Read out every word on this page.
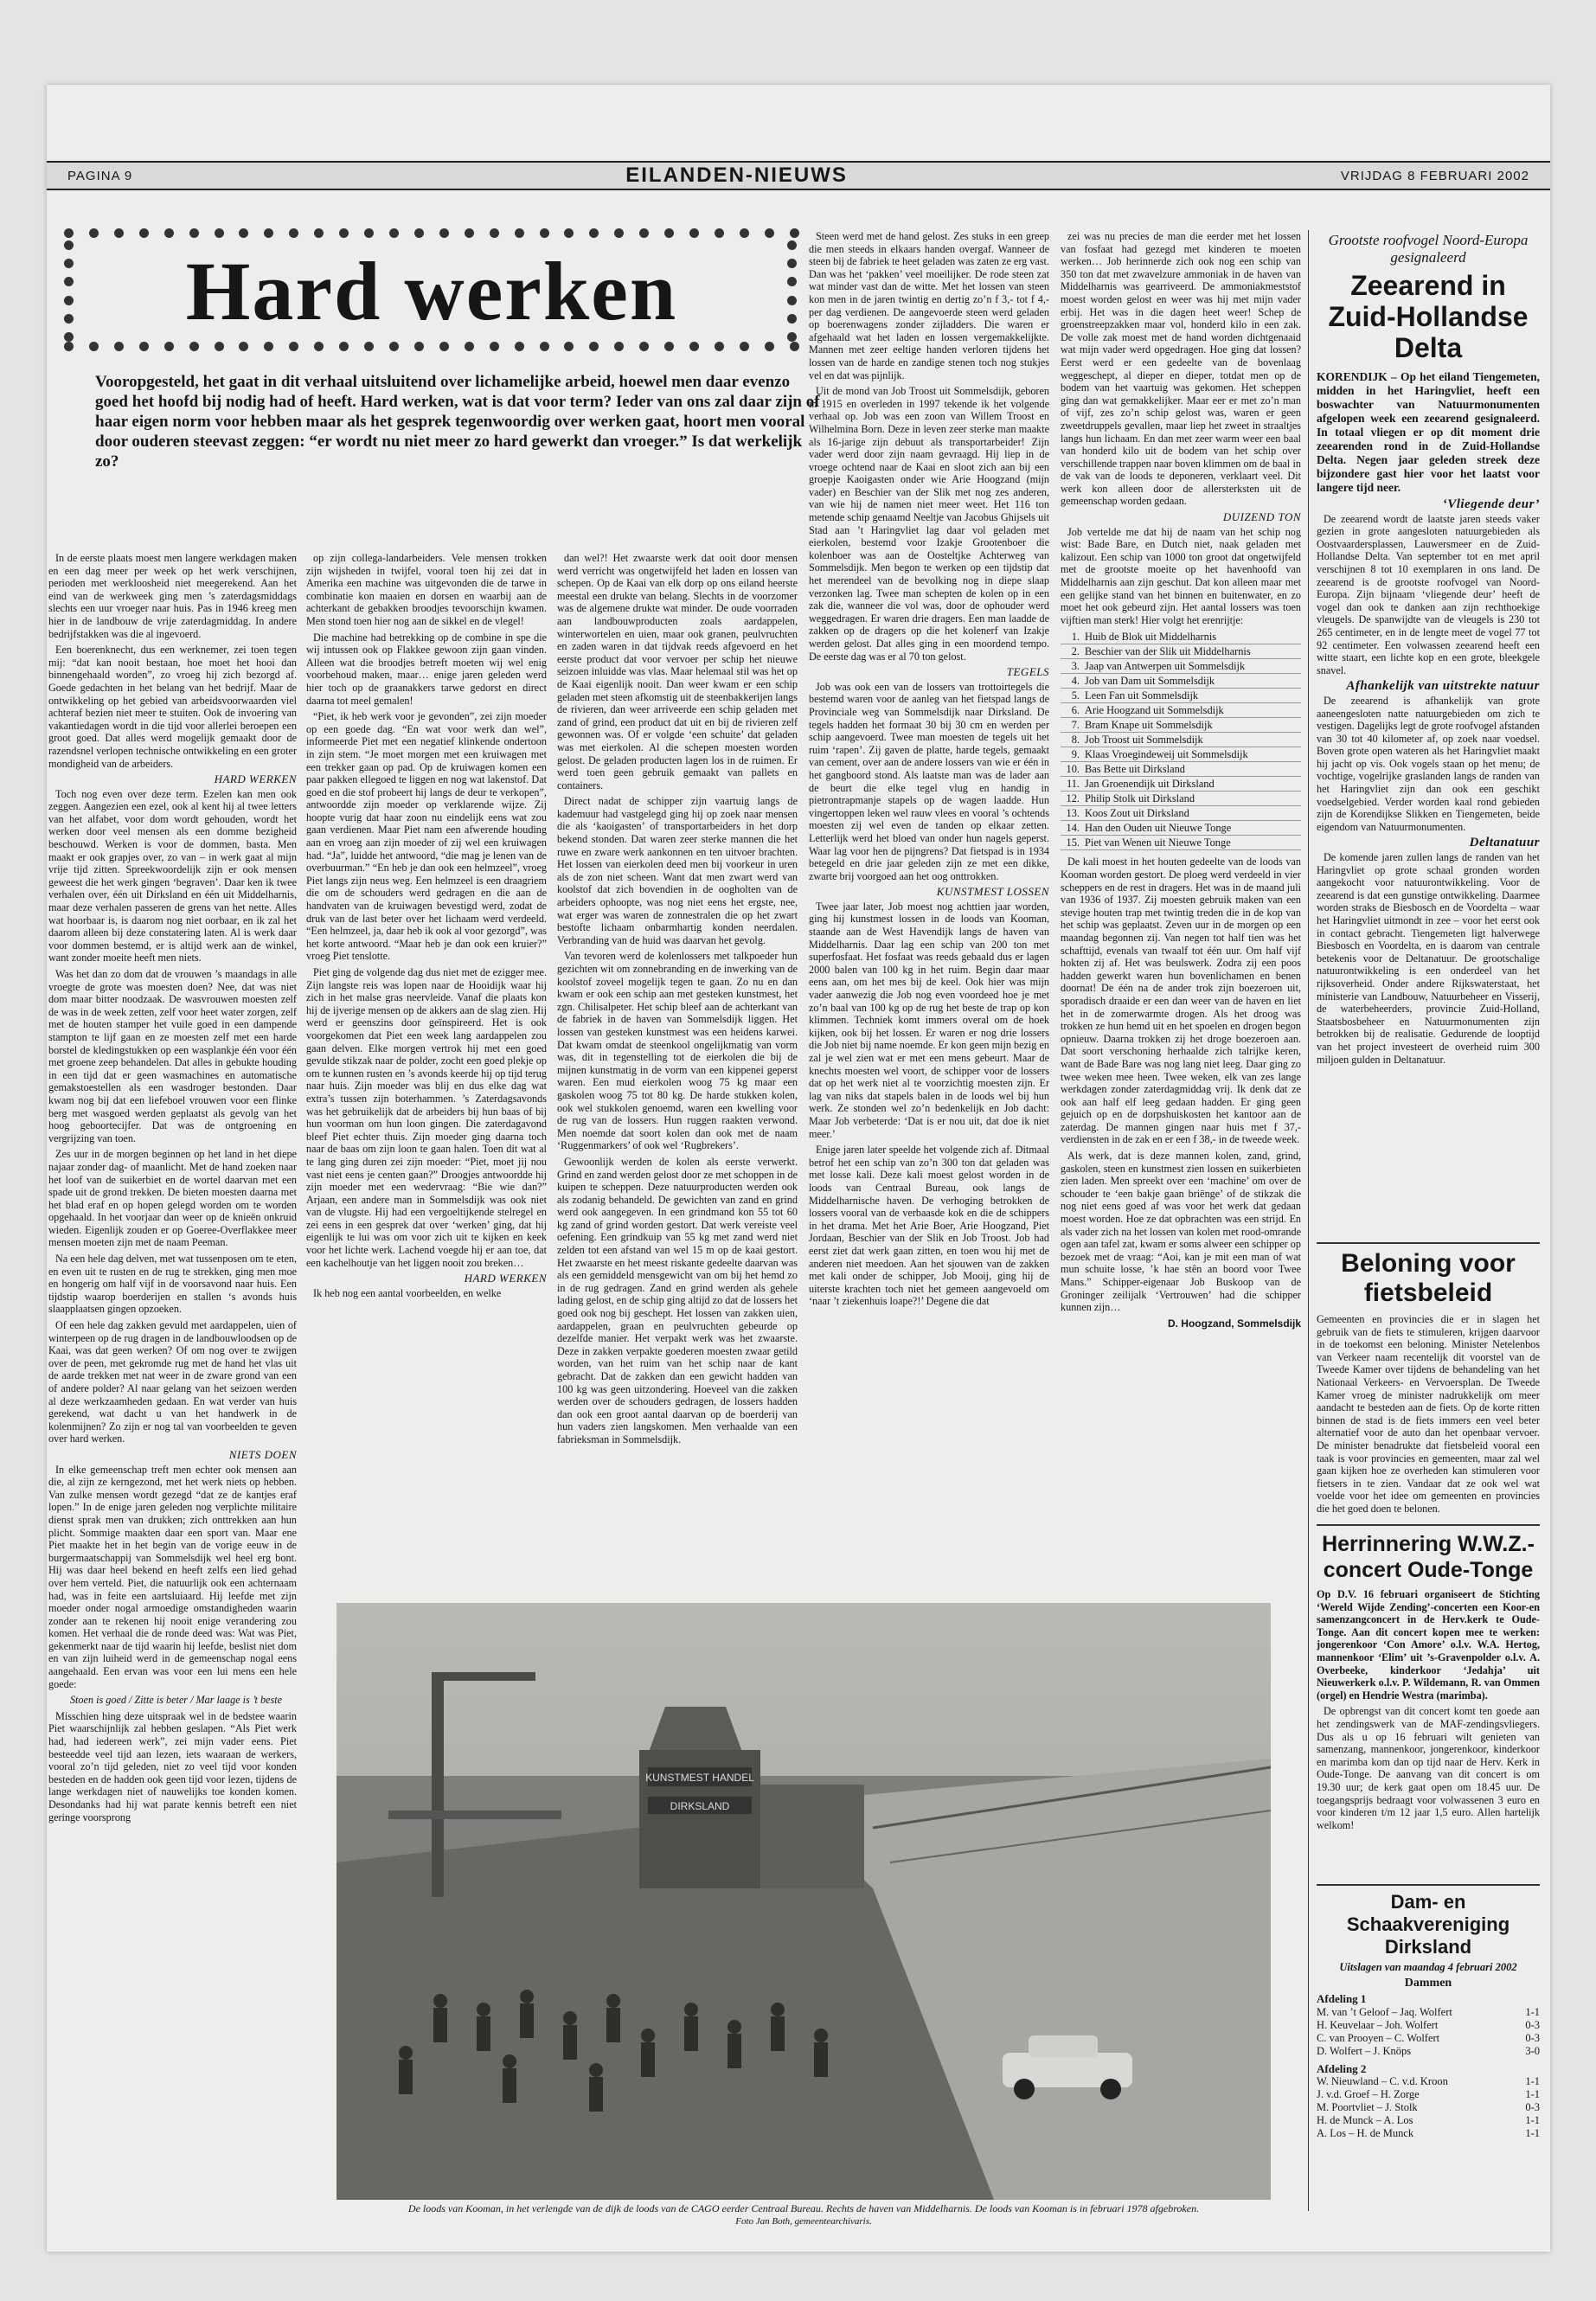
PAGINA 9	EILANDEN-NIEUWS	VRIJDAG 8 FEBRUARI 2002
Hard werken
Vooropgesteld, het gaat in dit verhaal uitsluitend over lichamelijke arbeid, hoewel men daar evenzo goed het hoofd bij nodig had of heeft. Hard werken, wat is dat voor term? Ieder van ons zal daar zijn of haar eigen norm voor hebben maar als het gesprek tegenwoordig over werken gaat, hoort men vooral door ouderen steevast zeggen: “er wordt nu niet meer zo hard gewerkt dan vroeger.” Is dat werkelijk zo?

In de eerste plaats moest men langere werkdagen maken en een dag meer per week op het werk verschijnen, perioden met werkloosheid niet meegerekend. Aan het eind van de werkweek ging men ’s zaterdagsmiddags slechts een uur vroeger naar huis. Pas in 1946 kreeg men hier in de landbouw de vrije zaterdagmiddag. In andere bedrijfstakken was die al ingevoerd.

Een boerenknecht, dus een werknemer, zei toen tegen mij: “dat kan nooit bestaan, hoe moet het hooi dan binnengehaald worden”, zo vroeg hij zich bezorgd af. Goede gedachten in het belang van het bedrijf. Maar de ontwikkeling op het gebied van arbeidsvoorwaarden viel achteraf bezien niet meer te stuiten. Ook de invoering van vakantiedagen wordt in die tijd voor allerlei beroepen een groot goed. Dat alles werd mogelijk gemaakt door de razendsnel verlopen technische ontwikkeling en een groter mondigheid van de arbeiders.

HARD WERKEN

Toch nog even over deze term. Ezelen kan men ook zeggen. Aangezien een ezel, ook al kent hij al twee letters van het alfabet, voor dom wordt gehouden, wordt het werken door veel mensen als een domme bezigheid beschouwd. Werken is voor de dommen, basta. Men maakt er ook grapjes over, zo van – in werk gaat al mijn vrije tijd zitten. Spreekwoordelijk zijn er ook mensen geweest die het werk gingen ‘begraven’. Daar ken ik twee verhalen over, één uit Dirksland en één uit Middelharnis, maar deze verhalen passeren de grens van het nette. Alles wat hoorbaar is, is daarom nog niet oorbaar, en ik zal het daarom alleen bij deze constatering laten. Al is werk daar voor dommen bestemd, er is altijd werk aan de winkel, want zonder moeite heeft men niets.

Was het dan zo dom dat de vrouwen ’s maandags in alle vroegte de grote was moesten doen? Nee, dat was niet dom maar bitter noodzaak. De wasvrouwen moesten zelf de was in de week zetten, zelf voor heet water zorgen, zelf met de houten stamper het vuile goed in een dampende stampton te lijf gaan en ze moesten zelf met een harde borstel de kledingstukken op een wasplankje één voor één met groene zeep behandelen. Dat alles in gebukte houding in een tijd dat er geen wasmachines en automatische gemakstoestellen als een wasdroger bestonden. Daar kwam nog bij dat een liefeboel vrouwen voor een flinke berg met wasgoed werden geplaatst als gevolg van het hoog geboortecijfer. Dat was de ontgroening en vergrijzing van toen.

Zes uur in de morgen beginnen op het land in het diepe najaar zonder dag- of maanlicht. Met de hand zoeken naar het loof van de suikerbiet en de wortel daarvan met een spade uit de grond trekken. De bieten moesten daarna met het blad eraf en op hopen gelegd worden om te worden opgehaald. In het voorjaar dan weer op de knieën onkruid wieden. Eigenlijk zouden er op Goeree-Overflakkee meer mensen moeten zijn met de naam Peeman.

Na een hele dag delven, met wat tussenposen om te eten, en even uit te rusten en de rug te strekken, ging men moe en hongerig om half vijf in de voorsavond naar huis. Een tijdstip waarop boerderijen en stallen ‘s avonds huis slaapplaatsen gingen opzoeken.

Of een hele dag zakken gevuld met aardappelen, uien of winterpeen op de rug dragen in de landbouwloodsen op de Kaai, was dat geen werken? Of om nog over te zwijgen over de peen, met gekromde rug met de hand het vlas uit de aarde trekken met nat weer in de zware grond van een of andere polder? Al naar gelang van het seizoen werden al deze werkzaamheden gedaan. En wat verder van huis gerekend, wat dacht u van het handwerk in de kolenmijnen? Zo zijn er nog tal van voorbeelden te geven over hard werken.

NIETS DOEN

In elke gemeenschap treft men echter ook mensen aan die, al zijn ze kerngezond, met het werk niets op hebben. Van zulke mensen wordt gezegd “dat ze de kantjes eraf lopen.” In de enige jaren geleden nog verplichte militaire dienst sprak men van drukken; zich onttrekken aan hun plicht. Sommige maakten daar een sport van. Maar ene Piet maakte het in het begin van de vorige eeuw in de burgermaatschappij van Sommelsdijk wel heel erg bont. Hij was daar heel bekend en heeft zelfs een lied gehad over hem verteld. Piet, die natuurlijk ook een achternaam had, was in feite een aartsluiaard. Hij leefde met zijn moeder onder nogal armoedige omstandigheden waarin zonder aan te rekenen hij nooit enige verandering zou komen. Het verhaal die de ronde deed was: Wat was Piet, gekenmerkt naar de tijd waarin hij leefde, beslist niet dom en van zijn luiheid werd in de gemeenschap nogal eens aangehaald. Een ervan was voor een lui mens een hele goede:

Stoen is goed / Zitte is beter / Mar laage is ’t beste

Misschien hing deze uitspraak wel in de bedstee waarin Piet waarschijnlijk zal hebben geslapen. “Als Piet werk had, had iedereen werk”, zei mijn vader eens. Piet besteedde veel tijd aan lezen, iets waaraan de werkers, vooral zo’n tijd geleden, niet zo veel tijd voor konden besteden en de hadden ook geen tijd voor lezen, tijdens de lange werkdagen niet of nauwelijks toe konden komen. Desondanks had hij wat parate kennis betreft een niet geringe voorsprong

op zijn collega-landarbeiders. Vele mensen trokken zijn wijsheden in twijfel, vooral toen hij zei dat in Amerika een machine was uitgevonden die de tarwe in combinatie kon maaien en dorsen en waarbij aan de achterkant de gebakken broodjes tevoorschijn kwamen. Men stond toen hier nog aan de sikkel en de vlegel!

Die machine had betrekking op de combine in spe die wij intussen ook op Flakkee gewoon zijn gaan vinden. Alleen wat die broodjes betreft moeten wij wel enig voorbehoud maken, maar… enige jaren geleden werd hier toch op de graanakkers tarwe gedorst en direct daarna tot meel gemalen!

“Piet, ik heb werk voor je gevonden”, zei zijn moeder op een goede dag. “En wat voor werk dan wel”, informeerde Piet met een negatief klinkende ondertoon in zijn stem. “Je moet morgen met een kruiwagen met een trekker gaan op pad. Op de kruiwagen komen een paar pakken ellegoed te liggen en nog wat lakenstof. Dat goed en die stof probeert hij langs de deur te verkopen”, antwoordde zijn moeder op verklarende wijze. Zij hoopte vurig dat haar zoon nu eindelijk eens wat zou gaan verdienen. Maar Piet nam een afwerende houding aan en vroeg aan zijn moeder of zij wel een kruiwagen had. “Ja”, luidde het antwoord, “die mag je lenen van de overbuurman.” “En heb je dan ook een helmzeel”, vroeg Piet langs zijn neus weg. Een helmzeel is een draagriem die om de schouders werd gedragen en die aan de handvaten van de kruiwagen bevestigd werd, zodat de druk van de last beter over het lichaam werd verdeeld. “Een helmzeel, ja, daar heb ik ook al voor gezorgd”, was het korte antwoord. “Maar heb je dan ook een kruier?” vroeg Piet tenslotte.

Piet ging de volgende dag dus niet met de ezigger mee. Zijn langste reis was lopen naar de Hooidijk waar hij zich in het malse gras neervleide. Vanaf die plaats kon hij de ijverige mensen op de akkers aan de slag zien. Hij werd er geenszins door geïnspireerd. Het is ook voorgekomen dat Piet een week lang aardappelen zou gaan delven. Elke morgen vertrok hij met een goed gevulde stikzak naar de polder, zocht een goed plekje op om te kunnen rusten en ’s avonds keerde hij op tijd terug naar huis. Zijn moeder was blij en dus elke dag wat extra’s tussen zijn boterhammen. ’s Zaterdagsavonds was het gebruikelijk dat de arbeiders bij hun baas of bij hun voorman om hun loon gingen. Die zaterdagavond bleef Piet echter thuis. Zijn moeder ging daarna toch naar de baas om zijn loon te gaan halen. Toen dit wat al te lang ging duren zei zijn moeder: “Piet, moet jij nou vast niet eens je centen gaan?” Droogjes antwoordde hij zijn moeder met een wedervraag: “Bie wie dan?” Arjaan, een andere man in Sommelsdijk was ook niet van de vlugste. Hij had een vergoeltijkende stelregel en zei eens in een gesprek dat over ‘werken’ ging, dat hij eigenlijk te lui was om voor zich uit te kijken en keek voor het lichte werk. Lachend voegde hij er aan toe, dat een kachelhoutje van het liggen nooit zou breken…

HARD WERKEN

Ik heb nog een aantal voorbeelden, en welke

dan wel?! Het zwaarste werk dat ooit door mensen werd verricht was ongetwijfeld het laden en lossen van schepen. Op de Kaai van elk dorp op ons eiland heerste meestal een drukte van belang. Slechts in de voorzomer was de algemene drukte wat minder. De oude voorraden aan landbouwproducten zoals aardappelen, winterwortelen en uien, maar ook granen, peulvruchten en zaden waren in dat tijdvak reeds afgevoerd en het eerste product dat voor vervoer per schip het nieuwe seizoen inluidde was vlas. Maar helemaal stil was het op de Kaai eigenlijk nooit. Dan weer kwam er een schip geladen met steen afkomstig uit de steenbakkerijen langs de rivieren, dan weer arriveerde een schip geladen met zand of grind, een product dat uit en bij de rivieren zelf gewonnen was. Of er volgde ‘een schuite’ dat geladen was met eierkolen. Al die schepen moesten worden gelost. De geladen producten lagen los in de ruimen. Er werd toen geen gebruik gemaakt van pallets en containers.

Direct nadat de schipper zijn vaartuig langs de kademuur had vastgelegd ging hij op zoek naar mensen die als ‘kaoigasten’ of transportarbeiders in het dorp bekend stonden. Dat waren zeer sterke mannen die het ruwe en zware werk aankonnen en ten uitvoer brachten. Het lossen van eierkolen deed men bij voorkeur in uren als de zon niet scheen. Want dat men zwart werd van koolstof dat zich bovendien in de oogholten van de arbeiders ophoopte, was nog niet eens het ergste, nee, wat erger was waren de zonnestralen die op het zwart bestofte lichaam onbarmhartig konden neerdalen. Verbranding van de huid was daarvan het gevolg.

Van tevoren werd de kolenlossers met talkpoeder hun gezichten wit om zonnebranding en de inwerking van de koolstof zoveel mogelijk tegen te gaan. Zo nu en dan kwam er ook een schip aan met gesteken kunstmest, het zgn. Chilisalpeter. Het schip bleef aan de achterkant van de fabriek in de haven van Sommelsdijk liggen. Het lossen van gesteken kunstmest was een heidens karwei. Dat kwam omdat de steenkool ongelijkmatig van vorm was, dit in tegenstelling tot de eierkolen die bij de mijnen kunstmatig in de vorm van een kippenei geperst waren. Een mud eierkolen woog 75 kg maar een gaskolen woog 75 tot 80 kg. De harde stukken kolen, ook wel stukkolen genoemd, waren een kwelling voor de rug van de lossers. Hun ruggen raakten verwond. Men noemde dat soort kolen dan ook met de naam ‘Ruggenmarkers’ of ook wel ‘Rugbrekers’.

Gewoonlijk werden de kolen als eerste verwerkt. Grind en zand werden gelost door ze met schoppen in de kuipen te scheppen. Deze natuurproducten werden ook als zodanig behandeld. De gewichten van zand en grind werd ook aangegeven. In een grindmand kon 55 tot 60 kg zand of grind worden gestort. Dat werk vereiste veel oefening. Een grindkuip van 55 kg met zand werd niet zelden tot een afstand van wel 15 m op de kaai gestort. Het zwaarste en het meest riskante gedeelte daarvan was als een gemiddeld mensgewicht van om bij het hemd zo in de rug gedragen. Zand en grind werden als gehele lading gelost, en de schip ging altijd zo dat de lossers het goed ook nog bij geschept. Het lossen van zakken uien, aardappelen, graan en peulvruchten gebeurde op dezelfde manier. Het verpakt werk was het zwaarste. Deze in zakken verpakte goederen moesten zwaar getild worden, van het ruim van het schip naar de kant gebracht. Dat de zakken dan een gewicht hadden van 100 kg was geen uitzondering. Hoeveel van die zakken werden over de schouders gedragen, de lossers hadden dan ook een groot aantal daarvan op de boerderij van hun vaders zien langskomen. Men verhaalde van een fabrieksman in Sommelsdijk.

Steen werd met de hand gelost. Zes stuks in een greep die men steeds in elkaars handen overgaf. Wanneer de steen bij de fabriek te heet geladen was zaten ze erg vast. Dan was het ‘pakken’ veel moeilijker. De rode steen zat wat minder vast dan de witte. Met het lossen van steen kon men in de jaren twintig en dertig zo’n f 3,- tot f 4,- per dag verdienen. De aangevoerde steen werd geladen op boerenwagens zonder zijladders. Die waren er afgehaald wat het laden en lossen vergemakkelijkte. Mannen met zeer eeltige handen verloren tijdens het lossen van de harde en zandige stenen toch nog stukjes vel en dat was pijnlijk.

Uit de mond van Job Troost uit Sommelsdijk, geboren in 1915 en overleden in 1997 tekende ik het volgende verhaal op. Job was een zoon van Willem Troost en Wilhelmina Born. Deze in leven zeer sterke man maakte als 16-jarige zijn debuut als transportarbeider! Zijn vader werd door zijn naam gevraagd. Hij liep in de vroege ochtend naar de Kaai en sloot zich aan bij een groepje Kaoigasten onder wie Arie Hoogzand (mijn vader) en Beschier van der Slik met nog zes anderen, van wie hij de namen niet meer weet. Het 116 ton metende schip genaamd Neeltje van Jacobus Ghijsels uit Stad aan ’t Haringvliet lag daar vol geladen met eierkolen, bestemd voor Izakje Grootenboer die kolenboer was aan de Oosteltjke Achterweg van Sommelsdijk. Men begon te werken op een tijdstip dat het merendeel van de bevolking nog in diepe slaap verzonken lag. Twee man schepten de kolen op in een zak die, wanneer die vol was, door de ophouder werd weggedragen. Er waren drie dragers. Een man laadde de zakken op de dragers op die het kolenerf van Izakje werden gelost. Dat alles ging in een moordend tempo. De eerste dag was er al 70 ton gelost.

TEGELS

Job was ook een van de lossers van trottoirtegels die bestemd waren voor de aanleg van het fietspad langs de Provinciale weg van Sommelsdijk naar Dirksland. De tegels hadden het formaat 30 bij 30 cm en werden per schip aangevoerd. Twee man moesten de tegels uit het ruim ‘rapen’. Zij gaven de platte, harde tegels, gemaakt van cement, over aan de andere lossers van wie er één in het gangboord stond. Als laatste man was de lader aan de beurt die elke tegel vlug en handig in pietrontrapmanje stapels op de wagen laadde. Hun vingertoppen leken wel rauw vlees en vooral ’s ochtends moesten zij wel even de tanden op elkaar zetten. Letterlijk werd het bloed van onder hun nagels geperst. Waar lag voor hen de pijngrens? Dat fietspad is in 1934 betegeld en drie jaar geleden zijn ze met een dikke, zwarte brij voorgoed aan het oog onttrokken.

KUNSTMEST LOSSEN

Twee jaar later, Job moest nog achttien jaar worden, ging hij kunstmest lossen in de loods van Kooman, staande aan de West Havendijk langs de haven van Middelharnis. Daar lag een schip van 200 ton met superfosfaat. Het fosfaat was reeds gebaald dus er lagen 2000 balen van 100 kg in het ruim. Begin daar maar eens aan, om het mes bij de keel. Ook hier was mijn vader aanwezig die Job nog even voordeed hoe je met zo’n baal van 100 kg op de rug het beste de trap op kon klimmen. Techniek komt immers overal om de hoek kijken, ook bij het lossen. Er waren er nog drie lossers die Job niet bij name noemde. Er kon geen mijn bezig en zal je wel zien wat er met een mens gebeurt. Maar de knechts moesten wel voort, de schipper voor de lossers dat op het werk niet al te voorzichtig moesten zijn. Er lag van niks dat stapels balen in de loods wel bij hun werk. Ze stonden wel zo’n bedenkelijk en Job dacht: Maar Job verbeterde: ‘Dat is er nou uit, dat doe ik niet meer.’

Enige jaren later speelde het volgende zich af. Ditmaal betrof het een schip van zo’n 300 ton dat geladen was met losse kali. Deze kali moest gelost worden in de loods van Centraal Bureau, ook langs de Middelharnische haven. De verhoging betrokken de lossers vooral van de verbaasde kok en die de schippers in het drama. Met het Arie Boer, Arie Hoogzand, Piet Jordaan, Beschier van der Slik en Job Troost. Job had eerst ziet dat werk gaan zitten, en toen wou hij met de anderen niet meedoen. Aan het sjouwen van de zakken met kali onder de schipper, Job Mooij, ging hij de uiterste krachten toch niet het gemeen aangevoeld om ‘naar ’t ziekenhuis loape?!’ Degene die dat

zei was nu precies de man die eerder met het lossen van fosfaat had gezegd met kinderen te moeten werken… Job herinnerde zich ook nog een schip van 350 ton dat met zwavelzure ammoniak in de haven van Middelharnis was gearriveerd. De ammoniakmeststof moest worden gelost en weer was hij met mijn vader erbij. Het was in die dagen heet weer! Schep de groenstreepzakken maar vol, honderd kilo in een zak. De volle zak moest met de hand worden dichtgenaaid wat mijn vader werd opgedragen. Hoe ging dat lossen? Eerst werd er een gedeelte van de bovenlaag weggeschept, al dieper en dieper, totdat men op de bodem van het vaartuig was gekomen. Het scheppen ging dan wat gemakkelijker. Maar eer er met zo’n man of vijf, zes zo’n schip gelost was, waren er geen zweetdruppels gevallen, maar liep het zweet in straaltjes langs hun lichaam. En dan met zeer warm weer een baal van honderd kilo uit de bodem van het schip over verschillende trappen naar boven klimmen om de baal in de vak van de loods te deponeren, verklaart veel. Dit werk kon alleen door de allersterksten uit de gemeenschap worden gedaan.

DUIZEND TON

Job vertelde me dat hij de naam van het schip nog wist: Bade Bare, en Dutch niet, naak geladen met kalizout. Een schip van 1000 ton groot dat ongetwijfeld met de grootste moeite op het havenhoofd van Middelharnis aan zijn geschut. Dat kon alleen maar met een gelijke stand van het binnen en buitenwater, en zo moet het ook gebeurd zijn. Het aantal lossers was toen vijftien man sterk! Hier volgt het erenrijtje:

1. Huib de Blok uit Middelharnis
2. Beschier van der Slik uit Middelharnis
3. Jaap van Antwerpen uit Sommelsdijk
4. Job van Dam uit Sommelsdijk
5. Leen Fan uit Sommelsdijk
6. Arie Hoogzand uit Sommelsdijk
7. Bram Knape uit Sommelsdijk
8. Job Troost uit Sommelsdijk
9. Klaas Vroegindeweij uit Sommelsdijk
10. Bas Bette uit Dirksland
11. Jan Groenendijk uit Dirksland
12. Philip Stolk uit Dirksland
13. Koos Zout uit Dirksland
14. Han den Ouden uit Nieuwe Tonge
15. Piet van Wenen uit Nieuwe Tonge

De kali moest in het houten gedeelte van de loods van Kooman worden gestort. De ploeg werd verdeeld in vier scheppers en de rest in dragers. Het was in de maand juli van 1936 of 1937. Zij moesten gebruik maken van een stevige houten trap met twintig treden die in de kop van het schip was geplaatst. Zeven uur in de morgen op een maandag begonnen zij. Van negen tot half tien was het schafttijd, evenals van twaalf tot één uur. Om half vijf hokten zij af. Het was beulswerk. Zodra zij een poos hadden gewerkt waren hun bovenlichamen en benen doornat! De één na de ander trok zijn boezeroen uit, sporadisch draaide er een dan weer van de haven en liet het in de zomerwarmte drogen. Als het droog was trokken ze hun hemd uit en het spoelen en drogen begon opnieuw. Daarna trokken zij het droge boezeroen aan. Dat soort verschoning herhaalde zich talrijke keren, want de Bade Bare was nog lang niet leeg. Daar ging zo twee weken mee heen. Twee weken, elk van zes lange werkdagen zonder zaterdagmiddag vrij. Ik denk dat ze ook aan half elf leeg gedaan hadden. Er ging geen gejuich op en de dorpshuiskosten het kantoor aan de zaterdag. De mannen gingen naar huis met f 37,- verdiensten in de zak en er een f 38,- in de tweede week.

Als werk, dat is deze mannen kolen, zand, grind, gaskolen, steen en kunstmest zien lossen en suikerbieten zien laden. Men spreekt over een ‘machine’ om over de schouder te ‘een bakje gaan briënge’ of de stikzak die nog niet eens goed af was voor het werk dat gedaan moest worden. Hoe ze dat opbrachten was een strijd. En als vader zich na het lossen van kolen met rood-omrande ogen aan tafel zat, kwam er soms alweer een schipper op bezoek met de vraag: “Aoi, kan je mit een man of wat mun schuite losse, ’k hae stên an boord voor Twee Mans.” Schipper-eigenaar Job Buskoop van de Groninger zeilijalk ‘Vertrouwen’ had die schipper kunnen zijn…

D. Hoogzand, Sommelsdijk
KUNSTMEST HANDEL
DIRKSLAND
De loods van Kooman, in het verlengde van de dijk de loods van de CAGO eerder Centraal Bureau. Rechts de haven van Middelharnis. De loods van Kooman is in februari 1978 afgebroken.
Foto Jan Both, gemeentearchivaris.
Grootste roofvogel Noord-Europa gesignaleerd
Zeearend in Zuid-Hollandse Delta

KORENDIJK – Op het eiland Tiengemeten, midden in het Haringvliet, heeft een boswachter van Natuurmonumenten afgelopen week een zeearend gesignaleerd. In totaal vliegen er op dit moment drie zeearenden rond in de Zuid-Hollandse Delta. Negen jaar geleden streek deze bijzondere gast hier voor het laatst voor langere tijd neer.

‘Vliegende deur’

De zeearend wordt de laatste jaren steeds vaker gezien in grote aangesloten natuurgebieden als Oostvaardersplassen, Lauwersmeer en de Zuid-Hollandse Delta. Van september tot en met april verschijnen 8 tot 10 exemplaren in ons land. De zeearend is de grootste roofvogel van Noord-Europa. Zijn bijnaam ‘vliegende deur’ heeft de vogel dan ook te danken aan zijn rechthoekige vleugels. De spanwijdte van de vleugels is 230 tot 265 centimeter, en in de lengte meet de vogel 77 tot 92 centimeter. Een volwassen zeearend heeft een witte staart, een lichte kop en een grote, bleekgele snavel.

Afhankelijk van uitstrekte natuur

De zeearend is afhankelijk van grote aaneengesloten natte natuurgebieden om zich te vestigen. Dagelijks legt de grote roofvogel afstanden van 30 tot 40 kilometer af, op zoek naar voedsel. Boven grote open wateren als het Haringvliet maakt hij jacht op vis. Ook vogels staan op het menu; de vochtige, vogelrijke graslanden langs de randen van het Haringvliet zijn dan ook een geschikt voedselgebied. Verder worden kaal rond gebieden zijn de Korendijkse Slikken en Tiengemeten, beide eigendom van Natuurmonumenten.

Deltanatuur

De komende jaren zullen langs de randen van het Haringvliet op grote schaal gronden worden aangekocht voor natuurontwikkeling. Voor de zeearend is dat een gunstige ontwikkeling. Daarmee worden straks de Biesbosch en de Voordelta – waar het Haringvliet uitmondt in zee – voor het eerst ook in contact gebracht. Tiengemeten ligt halverwege Biesbosch en Voordelta, en is daarom van centrale betekenis voor de Deltanatuur. De grootschalige natuurontwikkeling is een onderdeel van het rijksoverheid. Onder andere Rijkswaterstaat, het ministerie van Landbouw, Natuurbeheer en Visserij, de waterbeheerders, provincie Zuid-Holland, Staatsbosbeheer en Natuurmonumenten zijn betrokken bij de realisatie. Gedurende de looptijd van het project investeert de overheid ruim 300 miljoen gulden in Deltanatuur.

Beloning voor fietsbeleid

Gemeenten en provincies die er in slagen het gebruik van de fiets te stimuleren, krijgen daarvoor in de toekomst een beloning. Minister Netelenbos van Verkeer naam recentelijk dit voorstel van de Tweede Kamer over tijdens de behandeling van het Nationaal Verkeers- en Vervoersplan. De Tweede Kamer vroeg de minister nadrukkelijk om meer aandacht te besteden aan de fiets. Op de korte ritten binnen de stad is de fiets immers een veel beter alternatief voor de auto dan het openbaar vervoer. De minister benadrukte dat fietsbeleid vooral een taak is voor provincies en gemeenten, maar zal wel gaan kijken hoe ze overheden kan stimuleren voor fietsers in te zien. Vandaar dat ze ook wel wat voelde voor het idee om gemeenten en provincies die het goed doen te belonen.

Herrinnering W.W.Z.-concert Oude-Tonge

Op D.V. 16 februari organiseert de Stichting ‘Wereld Wijde Zending’-concerten een Koor-en samenzangconcert in de Herv.kerk te Oude-Tonge. Aan dit concert kopen mee te werken: jongerenkoor ‘Con Amore’ o.l.v. W.A. Hertog, mannenkoor ‘Elim’ uit ’s-Gravenpolder o.l.v. A. Overbeeke, kinderkoor ‘Jedahja’ uit Nieuwerkerk o.l.v. P. Wildemann, R. van Ommen (orgel) en Hendrie Westra (marimba).

De opbrengst van dit concert komt ten goede aan het zendingswerk van de MAF-zendingsvliegers. Dus als u op 16 februari wilt genieten van samenzang, mannenkoor, jongerenkoor, kinderkoor en marimba kom dan op tijd naar de Herv. Kerk in Oude-Tonge. De aanvang van dit concert is om 19.30 uur; de kerk gaat open om 18.45 uur. De toegangsprijs bedraagt voor volwassenen 3 euro en voor kinderen t/m 12 jaar 1,5 euro. Allen hartelijk welkom!

Dam- en Schaakvereniging Dirksland
Uitslagen van maandag 4 februari 2002
Dammen
Afdeling 1
M. van ’t Geloof – Jaq. Wolfert	1-1
H. Keuvelaar – Joh. Wolfert	0-3
C. van Prooyen – C. Wolfert	0-3
D. Wolfert – J. Knöps	3-0
Afdeling 2
W. Nieuwland – C. v.d. Kroon	1-1
J. v.d. Groef – H. Zorge	1-1
M. Poortvliet – J. Stolk	0-3
H. de Munck – A. Los	1-1
A. Los – H. de Munck	1-1
